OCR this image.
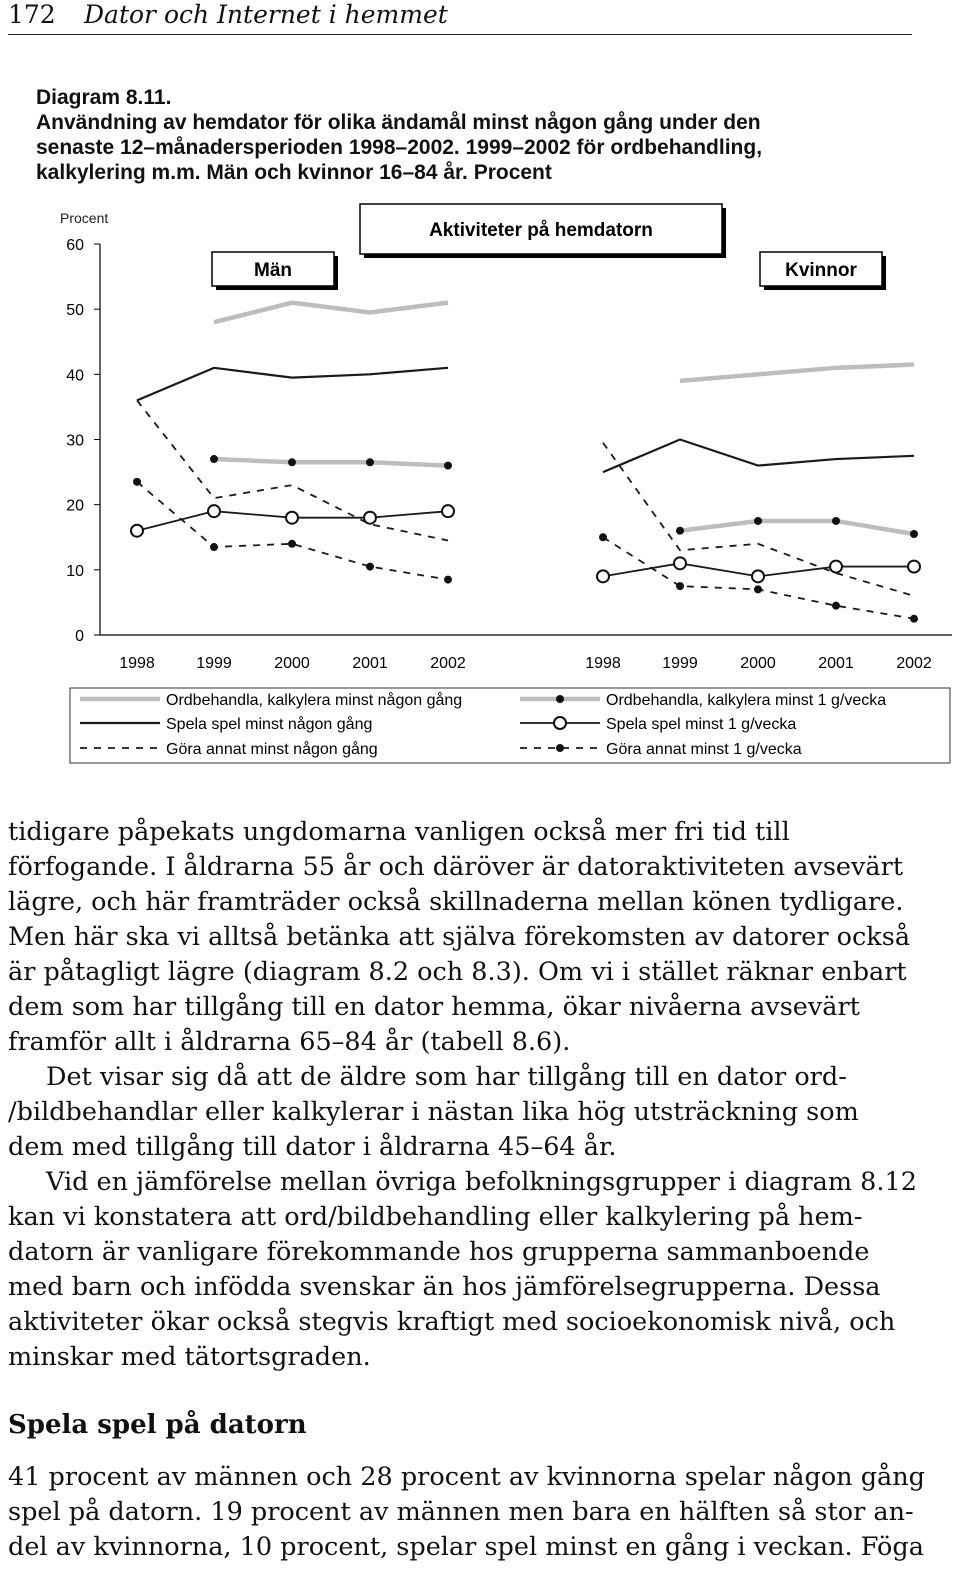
172 Dator och Internet i hemmet
Diagram 8.11.
Användning av hemdator för olika ändamål minst någon gång under den
senaste 12–månadersperioden 1998–2002. 1999–2002 för ordbehandling,
kalkylering m.m. Män och kvinnor 16–84 år. Procent
Procent
0
10
20
30
40
50
60
Aktiviteter på hemdatorn
Män
1998	1999	2000	2001	2002
Kvinnor
1998	1999	2000	2001	2002
Ordbehandla, kalkylera minst någon gång	Ordbehandla, kalkylera minst 1 g/vecka
Spela spel minst någon gång	Spela spel minst 1 g/vecka
Göra annat minst någon gång	Göra annat minst 1 g/vecka
tidigare påpekats ungdomarna vanligen också mer fri tid till
förfogande. I åldrarna 55 år och däröver är datoraktiviteten avsevärt
lägre, och här framträder också skillnaderna mellan könen tydligare.
Men här ska vi alltså betänka att själva förekomsten av datorer också
är påtagligt lägre (diagram 8.2 och 8.3). Om vi i stället räknar enbart
dem som har tillgång till en dator hemma, ökar nivåerna avsevärt
framför allt i åldrarna 65–84 år (tabell 8.6).
Det visar sig då att de äldre som har tillgång till en dator ord-
/bildbehandlar eller kalkylerar i nästan lika hög utsträckning som
dem med tillgång till dator i åldrarna 45–64 år.
Vid en jämförelse mellan övriga befolkningsgrupper i diagram 8.12
kan vi konstatera att ord/bildbehandling eller kalkylering på hem-
datorn är vanligare förekommande hos grupperna sammanboende
med barn och infödda svenskar än hos jämförelsegrupperna. Dessa
aktiviteter ökar också stegvis kraftigt med socioekonomisk nivå, och
minskar med tätortsgraden.
Spela spel på datorn
41 procent av männen och 28 procent av kvinnorna spelar någon gång
spel på datorn. 19 procent av männen men bara en hälften så stor an-
del av kvinnorna, 10 procent, spelar spel minst en gång i veckan. Föga
